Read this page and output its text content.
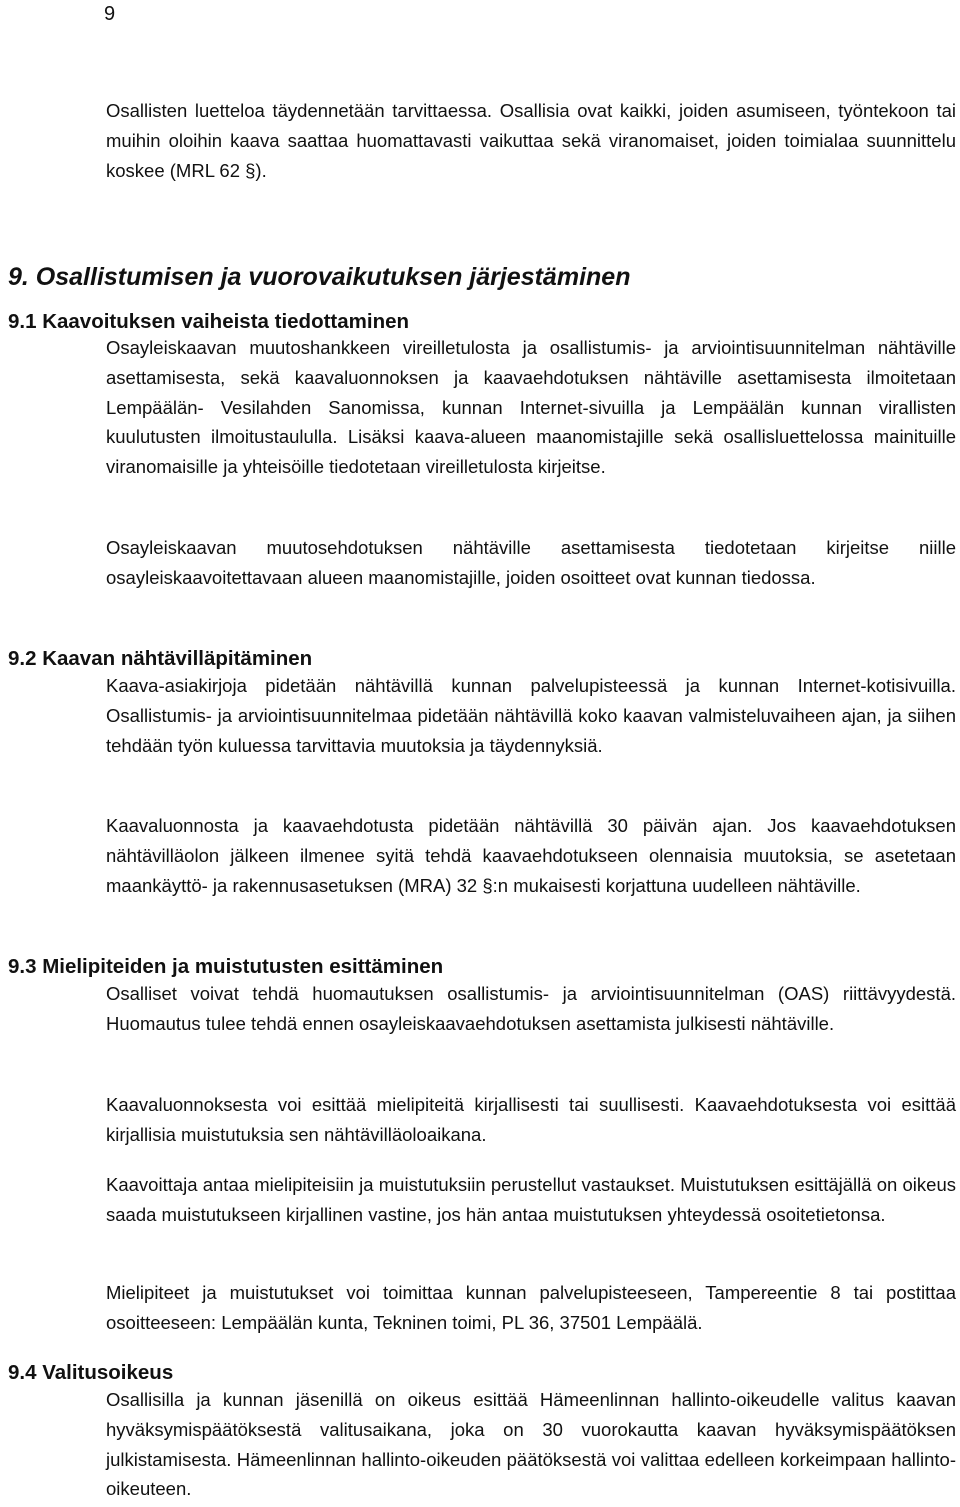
9

Osallisten luetteloa täydennetään tarvittaessa. Osallisia ovat kaikki, joiden asumiseen, työntekoon tai muihin oloihin kaava saattaa huomattavasti vaikuttaa sekä viranomaiset, joiden toimialaa suunnittelu koskee (MRL 62 §).

9. Osallistumisen ja vuorovaikutuksen järjestäminen
9.1 Kaavoituksen vaiheista tiedottaminen

Osayleiskaavan muutoshankkeen vireilletulosta ja osallistumis- ja arviointisuunnitelman nähtäville asettamisesta, sekä kaavaluonnoksen ja kaavaehdotuksen nähtäville asettamisesta ilmoitetaan Lempäälän- Vesilahden Sanomissa, kunnan Internet-sivuilla ja Lempäälän kunnan virallisten kuulutusten ilmoitustaululla. Lisäksi kaava-alueen maanomistajille sekä osallisluettelossa mainituille viranomaisille ja yhteisöille tiedotetaan vireilletulosta kirjeitse.

Osayleiskaavan muutosehdotuksen nähtäville asettamisesta tiedotetaan kirjeitse niille osayleiskaavoitettavaan alueen maanomistajille, joiden osoitteet ovat kunnan tiedossa.

9.2 Kaavan nähtävilläpitäminen

Kaava-asiakirjoja pidetään nähtävillä kunnan palvelupisteessä ja kunnan Internet-kotisivuilla. Osallistumis- ja arviointisuunnitelmaa pidetään nähtävillä koko kaavan valmisteluvaiheen ajan, ja siihen tehdään työn kuluessa tarvittavia muutoksia ja täydennyksiä.

Kaavaluonnosta ja kaavaehdotusta pidetään nähtävillä 30 päivän ajan. Jos kaavaehdotuksen nähtävilläolon jälkeen ilmenee syitä tehdä kaavaehdotukseen olennaisia muutoksia, se asetetaan maankäyttö- ja rakennusasetuksen (MRA) 32 §:n mukaisesti korjattuna uudelleen nähtäville.

9.3 Mielipiteiden ja muistutusten esittäminen

Osalliset voivat tehdä huomautuksen osallistumis- ja arviointisuunnitelman (OAS) riittävyydestä. Huomautus tulee tehdä ennen osayleiskaavaehdotuksen asettamista julkisesti nähtäville.

Kaavaluonnoksesta voi esittää mielipiteitä kirjallisesti tai suullisesti. Kaavaehdotuksesta voi esittää kirjallisia muistutuksia sen nähtävilläoloaikana.

Kaavoittaja antaa mielipiteisiin ja muistutuksiin perustellut vastaukset. Muistutuksen esittäjällä on oikeus saada muistutukseen kirjallinen vastine, jos hän antaa muistutuksen yhteydessä osoitetietonsa.

Mielipiteet ja muistutukset voi toimittaa kunnan palvelupisteeseen, Tampereentie 8 tai postittaa osoitteeseen: Lempäälän kunta, Tekninen toimi, PL 36, 37501 Lempäälä.

9.4 Valitusoikeus

Osallisilla ja kunnan jäsenillä on oikeus esittää Hämeenlinnan hallinto-oikeudelle valitus kaavan hyväksymispäätöksestä valitusaikana, joka on 30 vuorokautta kaavan hyväksymispäätöksen julkistamisesta. Hämeenlinnan hallinto-oikeuden päätöksestä voi valittaa edelleen korkeimpaan hallinto-oikeuteen.
